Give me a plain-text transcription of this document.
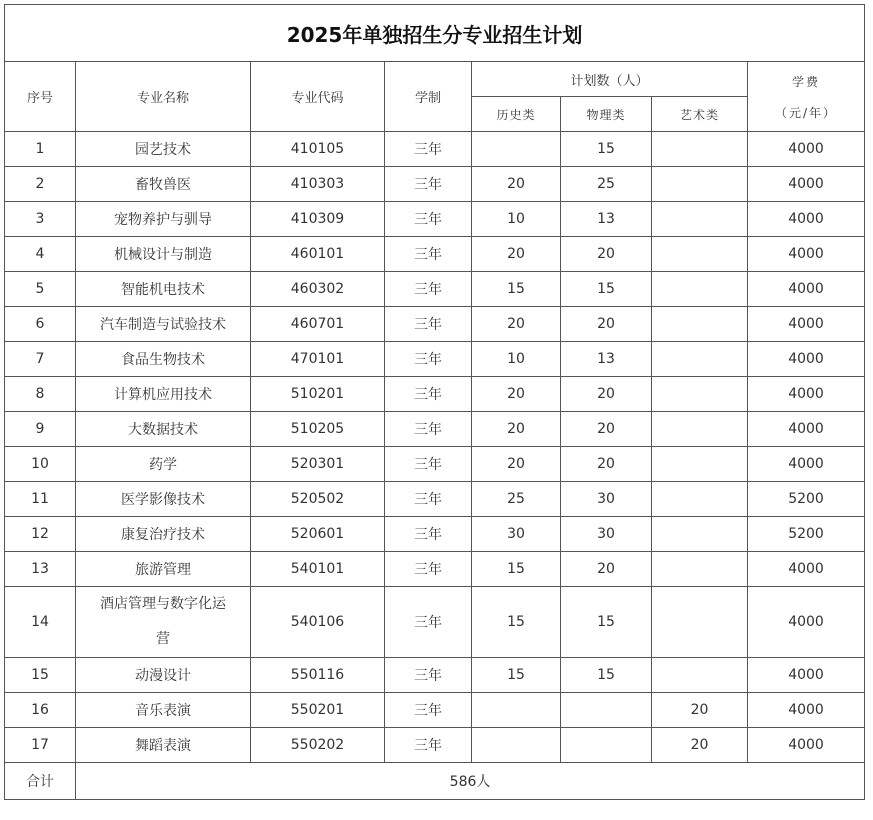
2025年单独招生分专业招生计划							
序号	专业名称	专业代码	学制	计划数（人）			学费
（元/年）

				历史类	物理类	艺术类	
1	园艺技术	410105	三年		15		4000
2	畜牧兽医	410303	三年	20	25		4000
3	宠物养护与驯导	410309	三年	10	13		4000
4	机械设计与制造	460101	三年	20	20		4000
5	智能机电技术	460302	三年	15	15		4000
6	汽车制造与试验技术	460701	三年	20	20		4000
7	食品生物技术	470101	三年	10	13		4000
8	计算机应用技术	510201	三年	20	20		4000
9	大数据技术	510205	三年	20	20		4000
10	药学	520301	三年	20	20		4000
11	医学影像技术	520502	三年	25	30		5200
12	康复治疗技术	520601	三年	30	30		5200
13	旅游管理	540101	三年	15	20		4000
14	酒店管理与数字化运营	540106	三年	15	15		4000
15	动漫设计	550116	三年	15	15		4000
16	音乐表演	550201	三年			20	4000
17	舞蹈表演	550202	三年			20	4000
合计	586人						
